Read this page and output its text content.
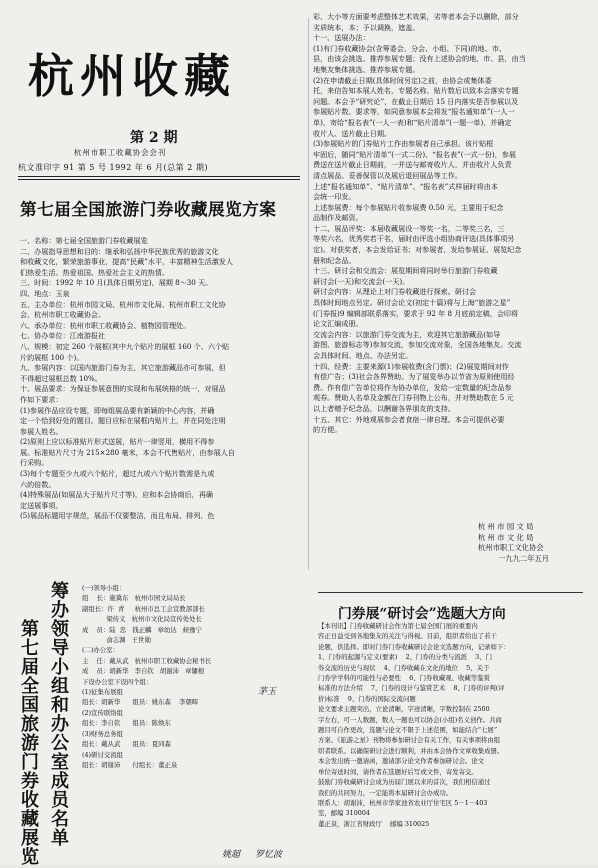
杭州收藏
第 2 期
杭州市职工收藏协会会刊
杭文准印字 91 第 5 号 1992 年 6 月(总第 2 期)
第七届全国旅游门券收藏展览方案
一、名称：第七届全国旅游门券收藏展览
二、办展指导思想和目的：继承和弘扬中华民族优秀的旅游文化
和收藏文化，繁荣旅游事业，提高“民藏”水平，丰富精神生活激发人
们热爱生活、热爱祖国、热爱社会主义的热情。
三、时间：1992 年 10 月(具体日期另定)，展期 8～30 天。
四、地点：玉泉
五、主办单位：杭州市园文局、杭州市文化局、杭州市职工文化协
会、杭州市职工收藏协会。
六、承办单位：杭州市职工收藏协会、植物园管理处。
七、协办单位：江南游报社
八、规模：初定 260 个展框(其中九个贴片的展框 160 个、六个贴
片的展框 100 个)。
九、参展内容：以国内旅游门券为主，其它旅游藏品亦可参展，但
不得超过展框总数 10%。
十、展品要求：为保证参展意图的实现和布展统格的统一，对展品
作如下要求：
(1)参展作品应设专题，即每组展品要有新颖的中心内容，并确
定一个恰到好处的题目。题目应标在展框内贴片上，并在同处注明
参展人姓名。
(2)原则上应以标准贴片形式送展，贴片一律竖用，横用不得参
展。标准贴片尺寸为 215×280 毫米，本会不代售贴片，由参展人自
行采购。
(3)每个专题至少九或六个贴片，超过九或六个贴片数需是九或
六的倍数。
(4)特殊展品(如展品大于贴片尺寸等)，应和本会协商后，再确
定送展事项。
(5)展品标题用字规范，展品不仅要整洁，而且布局、排列、色
彩、大小等方面要考虑整体艺术效果，劣等者本会予以删除，部分
劣质统本，本；予以调换，遮盖。
十一、送展办法：
(1)有门券收藏协会(含筹委会、分会、小组、下同)的地、市、
县，由该会挑选、推荐参展专题；没有上述协会的地、市、县，由当
地集友集体挑选、推荐参展专题。
(2)在申请截止日期(具体时间另定)之前，由协会或集体委
托，来信告知本展人姓名，专题名称、贴片数后以致本会落实专题
问题。本会予“研究论”，在截止日期后 15 日内落实是否参展以及
参展贴片数、要求等，如同意参展本会将发“报名通知单”(一人一
单)，寄给“报名表”(一人一表)和“贴片清单”(一题一单)，并确定
收片人、送片截止日期。
(3)参展贴片的门券贴片工作由参展者自己承担。该片贴框
牢固后，随同“贴片清单”(一式二份)、“报名表”(一式一份)，参展
费送在送片截止日期前，一并送与邮寄收片人，并由收片人负责
清点展品、妥善保管以及展后退回展品等工作。
上述“报名通知单”、“贴片清单”、“报名表”式样届时将由本
会统一印发。
上述参展费：每个参展贴片收参展费 0.50 元，主要用于纪念
品制作及邮资。
十二、展品评奖：本届收藏展设一等奖一名，二等奖三名，三
等奖六名，优秀奖若干名，届时由评选小组协商评选(具体事项另
定)。对获奖者，本会发给证书；对参展者，发给参展证、展览纪念
册和纪念品。
十三、研讨会和交流会：展览期间将同时举行旅游门券收藏
研讨会(一天)和交流会(一天)。
研讨会内容：从理论上对门券收藏进行探索。研讨会
具体时间地点另定。研讨会论文(初定十篇)将与上海“旅游之星”
(门券报)9 编辑部联系落实，要求于 92 年 8 月底前定稿，会印将
论文汇编成册。
交流会内容：以旅游门券交流为主，欢迎其它旅游藏品(如导
游图、旅游标志等)参加交流，参加交流对象，全国各地集友。交流
会具体时间、地点、办法另定。
十四、经费：主要来源(1)参展收费(含门票)；(2)展览期间对作
有偿广告；(3)社会各界赞助。为了展览举办以节省为原则使用经
费。作有偿广告单位将作为协办单位，发给一定数量的纪念品参
观券。赞助人名单及金额在门券刊物上公布，并对赞助数在 5 元
以上者赠予纪念品，以酬谢各界朋友的支持。
十五、其它：外地观展参会者食宿一律自理。本会可提供必要
的方便。
杭 州 市 园 文 局
杭 州 市 文 化 局
杭州市职工文化协会
一九九二年五月
第
七
届
全
国
旅
游
门
券
收
藏
展
览
筹
办
领
导
小
组
和
办
公
室
成
员
名
单
(一)领导小组：
组    长：施冀东   杭州市园文局局长
副组长：许  青     杭州市总工会宣教部部长
梁传义   杭州市文化局宣传处处长
成    员：陆  忠   钱正麟   章幼达   候豫宁
俞志渊   王世勋
(二)办公室：
主    任：戴从武   杭州市职工收藏协会秘书长
成    员：胡新华   李自钦   胡谢沛   章镛根
下设办公室下设四个组：
(1)征集布展组
组长：胡新华      组员：姚东森    李朝晖
(2)宣传联络组
组长：李自钦      组员：陈焕东
(3)财务总务组
组长：戴从武      组员：夏同森
(4)研讨交流组
组长：胡谢沛      付组长：董正泉
茅玉
姚超 罗忆波
门券展“研讨会”选题大方向
【本刊讯】门券收藏研讨会作为第七届全国门展的重要内
容正日益受到各地集友的关注与得视。目前，组织者给出了若干
论题，供选择。即对门券门券收藏研讨会论文选题方向，记录如下：
1、门券的起源与定义(要素)    2、门券的分类与流派    3、门
券交流的历史与现状    4、门券收藏在文化的地位    5、关于
门券学学科的可能性与必要性    6、门券收藏观、收藏等鉴赏
标准的方法介绍    7、门券的设计与鉴赏艺术    8、门券的评判(评
价)标准    9、门券的国际交流问题
论文要求主题突出，立论清晰，字迹清晰，字数控制在 2500
字左右，可一人数题，数人一题也可以协会(小组)名义创作。共商
题目可自作更改，选题与论文不限于上述范围，如能结合“七展”
方案、《旅游之星》刊物将参加研讨会有关工作，有关事项将由组
织者联系。以确保研讨会进行顺利，并由本会协作文章收集成册。
本会发出统一邀请函，邀请部分论文作者参加研讨会。论文
单位寄送时间，请作者在选题好后写或文件，寄发寄交。
鼓励门券收藏研讨会成为历届门展以来的首次，我们相信通过
我们的共同努力，一定能将本届研讨会办成功。
联系人：胡谢沛，杭州市华家池省农业厅住宅区 5－1－403
室，邮编 310004
董正泉，浙江省财政厅    邮编 310025
